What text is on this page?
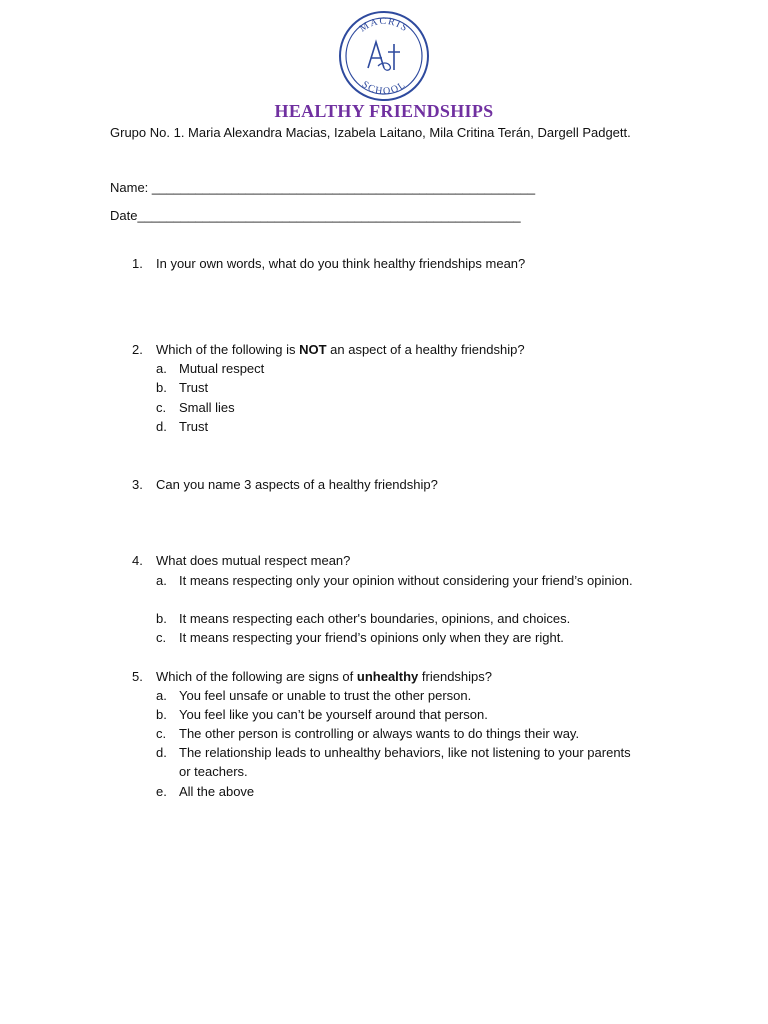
MACRIS
SCHOOL
HEALTHY FRIENDSHIPS
Grupo No. 1. Maria Alexandra Macias, Izabela Laitano, Mila Critina Terán, Dargell Padgett.
Name: _____________________________________________________
Date_____________________________________________________
1. In your own words, what do you think healthy friendships mean?
2. Which of the following is NOT an aspect of a healthy friendship?
a. Mutual respect
b. Trust
c. Small lies
d. Trust
3. Can you name 3 aspects of a healthy friendship?
4. What does mutual respect mean?
a. It means respecting only your opinion without considering your friend’s opinion.
b. It means respecting each other's boundaries, opinions, and choices.
c. It means respecting your friend’s opinions only when they are right.
5. Which of the following are signs of unhealthy friendships?
a. You feel unsafe or unable to trust the other person.
b. You feel like you can’t be yourself around that person.
c. The other person is controlling or always wants to do things their way.
d. The relationship leads to unhealthy behaviors, like not listening to your parents or teachers.
e. All the above
